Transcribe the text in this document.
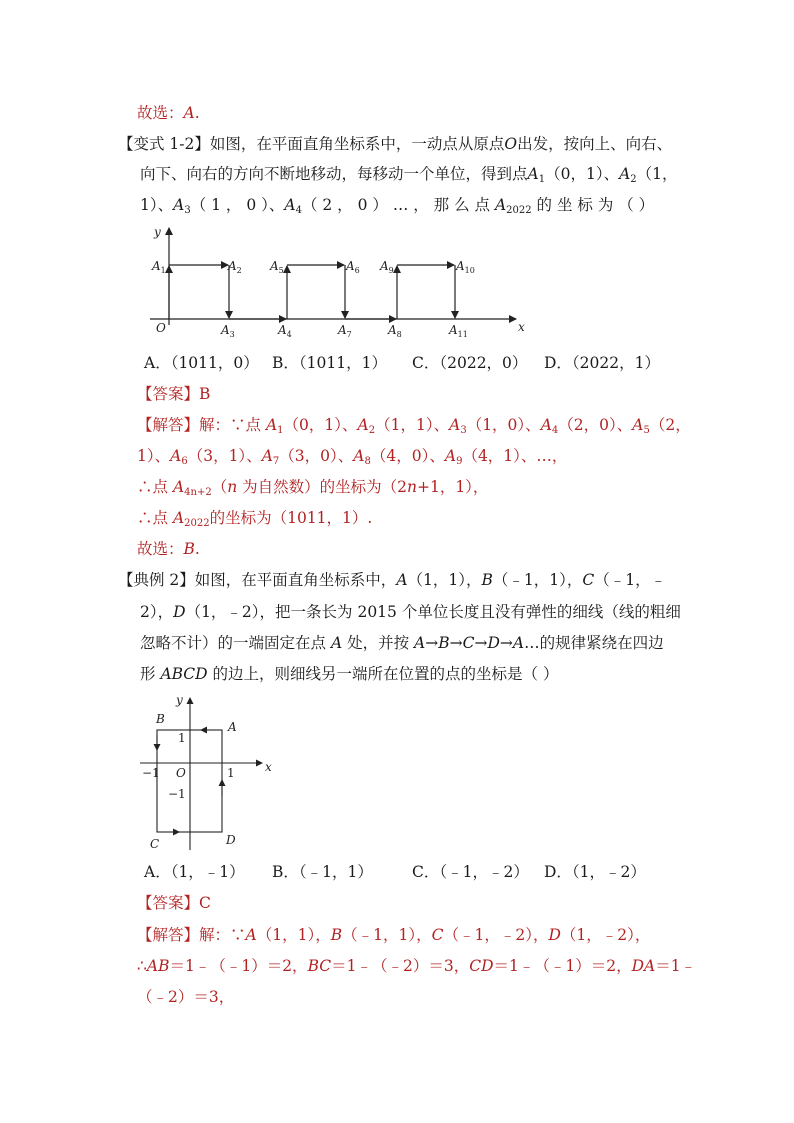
故选：A.
【变式 1-2】如图，在平面直角坐标系中，一动点从原点O出发，按向上、向右、
向下、向右的方向不断地移动，每移动一个单位，得到点$A_1(0$，1）、$A_2(1$，
1）、$A_3$（ 1 ， 0 ）、$A_4$（ 2 ， 0 ） … ， 那 么 点 $A_{2022}$ 的 坐 标 为 （ ）
y
x
O
$A_1$	$A_2$
$A_3$	$A_4$
$A_5$	$A_6$
$A_7$	$A_8$
$A_9$	$A_{10}$
$A_{11}$
A．（1011，0） B．（1011，1） C．（2022，0） D．（2022，1）
【答案】B
【解答】解：∵点 $A_1(0$，1）、$A_2(1$，1）、$A_3(1$，0）、$A_4(2$，0）、$A_5(2$，
1）、$A_6(3$，1）、$A_7(3$，0）、$A_8(4$，0）、$A_9(4$，1）、…，
∴点 $A_{4n+2}(n$ 为自然数）的坐标为（2n+1，1），
∴点 $A_{2022}$的坐标为（1011，1）.
故选：B.
【典例 2】如图，在平面直角坐标系中，A（1，1），B（﹣1，1），C（﹣1，﹣
2），D（1，﹣2），把一条长为 2015 个单位长度且没有弹性的细线（线的粗细
忽略不计）的一端固定在点 A 处，并按 A→B→C→D→A…的规律紧绕在四边
形 ABCD 的边上，则细线另一端所在位置的点的坐标是（ ）
y
x
B
A
C	D
1
−1
−1 O	1
A．（1，﹣1） B．（﹣1，1）	C．（﹣1，﹣2） D．（1，﹣2）
【答案】C
【解答】解：∵A（1，1），B（﹣1，1），C（﹣1，﹣2），D（1，﹣2），
∴AB＝1﹣（﹣1）＝2，BC＝1﹣（﹣2）＝3，CD＝1﹣（﹣1）＝2，DA＝1﹣
（﹣2）＝3，
